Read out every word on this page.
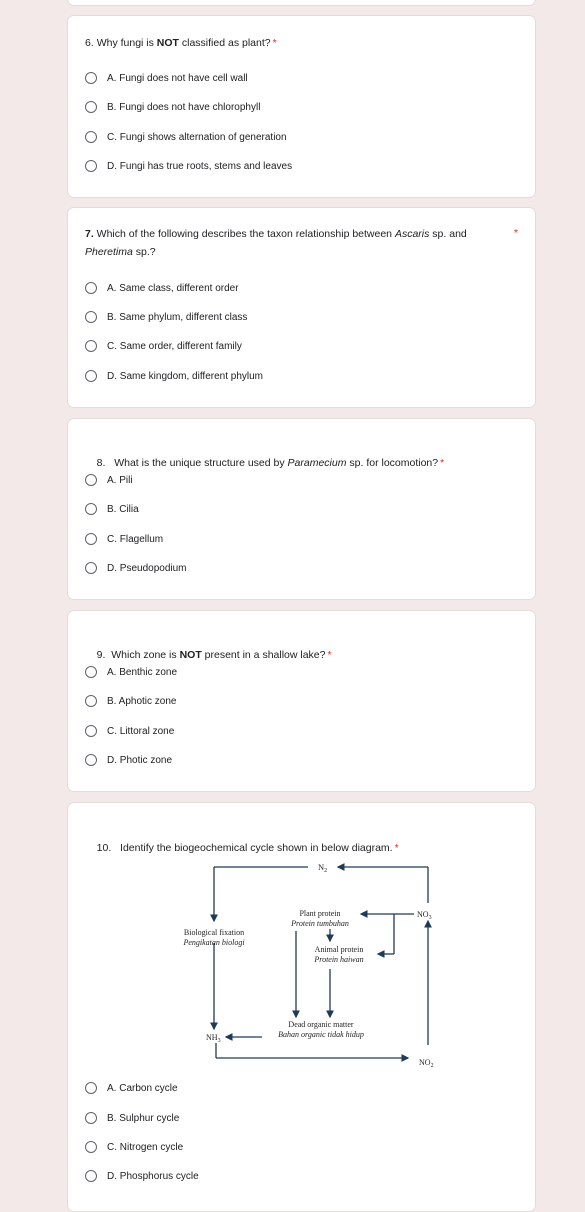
6. Why fungi is NOT classified as plant? *
A. Fungi does not have cell wall
B. Fungi does not have chlorophyll
C. Fungi shows alternation of generation
D. Fungi has true roots, stems and leaves
7. Which of the following describes the taxon relationship between Ascaris sp. and Pheretima sp.?
*
A. Same class, different order
B. Same phylum, different class
C. Same order, different family
D. Same kingdom, different phylum

8.   What is the unique structure used by Paramecium sp. for locomotion? *

A. Pili
B. Cilia
C. Flagellum
D. Pseudopodium

9.  Which zone is NOT present in a shallow lake? *

A. Benthic zone
B. Aphotic zone
C. Littoral zone
D. Photic zone

10.   Identify the biogeochemical cycle shown in below diagram. *

$N_2$
Plant protein
Protein tumbuhan
$NO_3$
Biological fixation
Pengikatan biologi
Animal protein
Protein haiwan
Dead organic matter
Bahan organic tidak hidup
$NH_3$
$NO_2$
A. Carbon cycle
B. Sulphur cycle
C. Nitrogen cycle
D. Phosphorus cycle
